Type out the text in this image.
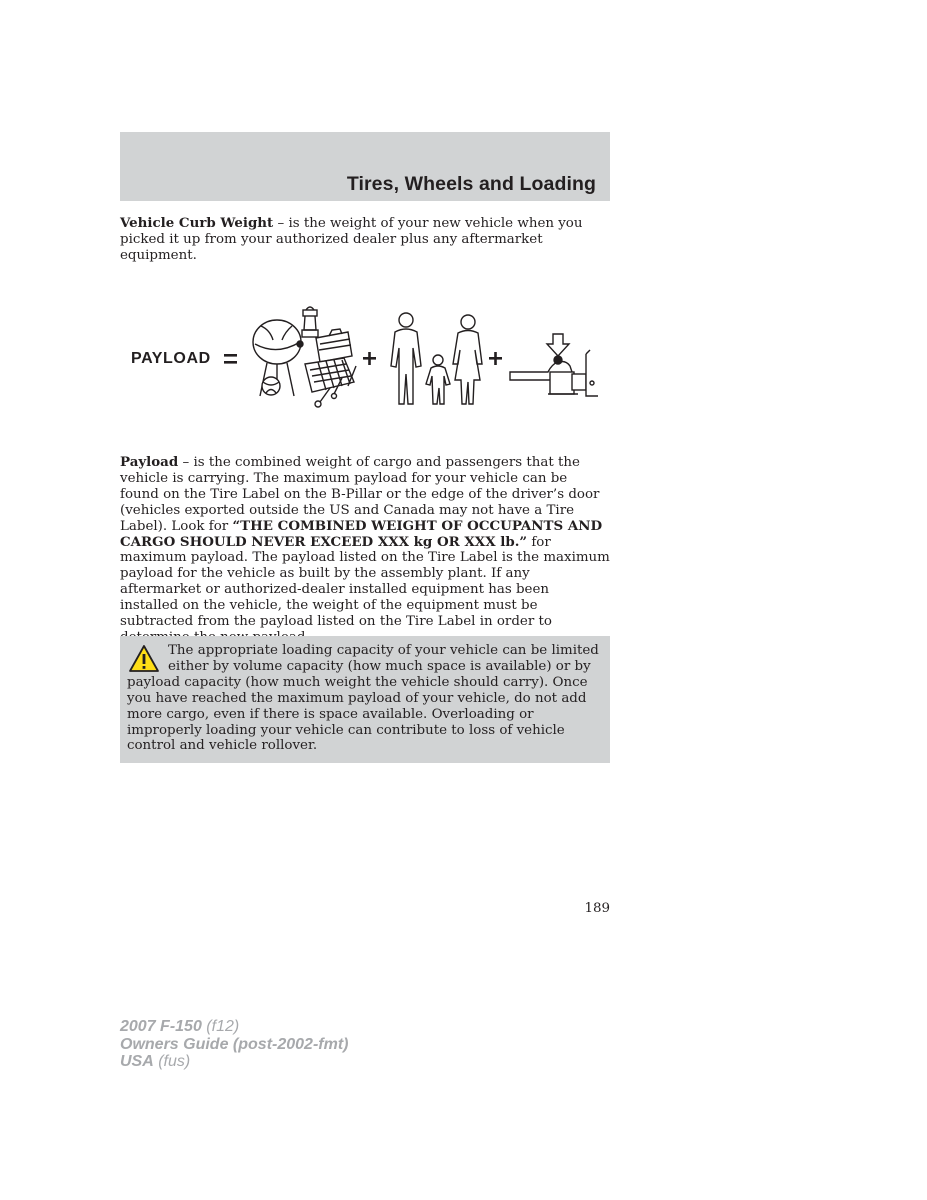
Tires, Wheels and Loading

Vehicle Curb Weight – is the weight of your new vehicle when you picked it up from your authorized dealer plus any aftermarket equipment.

PAYLOAD

Payload – is the combined weight of cargo and passengers that the vehicle is carrying. The maximum payload for your vehicle can be found on the Tire Label on the B-Pillar or the edge of the driver’s door (vehicles exported outside the US and Canada may not have a Tire Label). Look for “THE COMBINED WEIGHT OF OCCUPANTS AND CARGO SHOULD NEVER EXCEED XXX kg OR XXX lb.” for maximum payload. The payload listed on the Tire Label is the maximum payload for the vehicle as built by the assembly plant. If any aftermarket or authorized-dealer installed equipment has been installed on the vehicle, the weight of the equipment must be subtracted from the payload listed on the Tire Label in order to

The appropriate loading capacity of your vehicle can be limited either by volume capacity (how much space is available) or by payload capacity (how much weight the vehicle should carry). Once you have reached the maximum payload of your vehicle, do not add more cargo, even if there is space available. Overloading or improperly loading your vehicle can contribute to loss of vehicle control and vehicle rollover.

189
2007 F-150 (f12)
Owners Guide (post-2002-fmt)
USA (fus)
